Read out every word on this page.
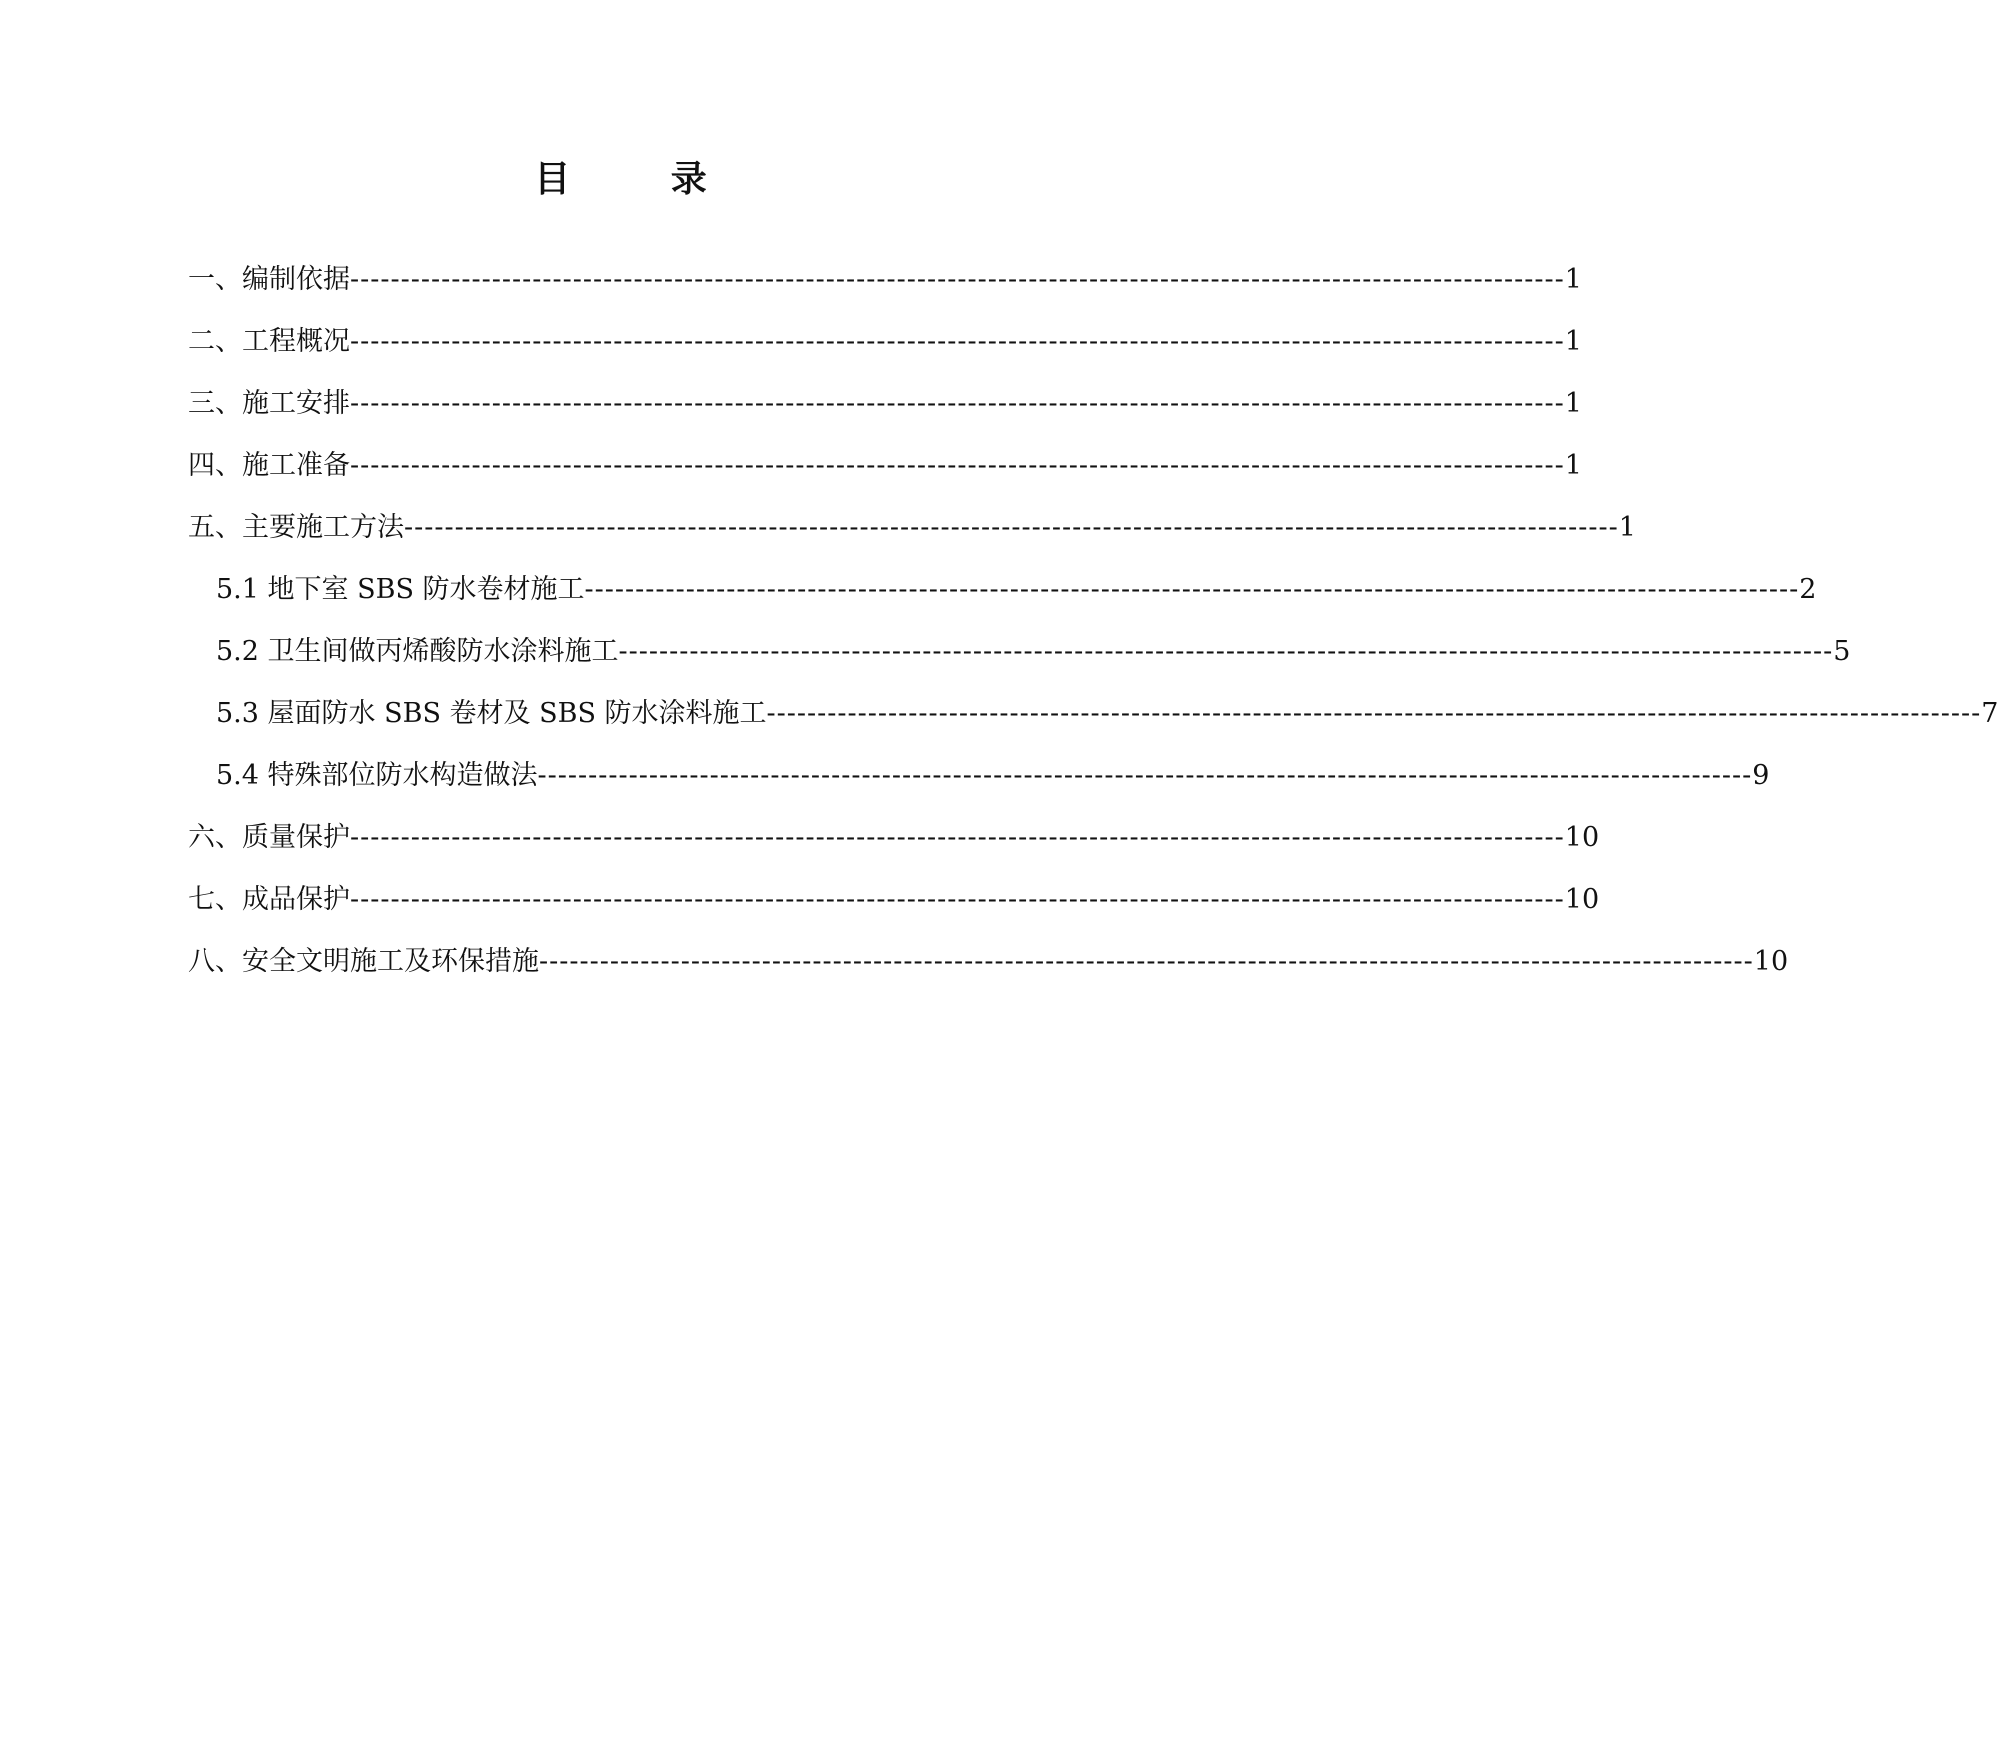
目 录
一、编制依据 ------------------------------------------------------------------------------------------------------------------------ 1
二、工程概况 ------------------------------------------------------------------------------------------------------------------------ 1
三、施工安排 ------------------------------------------------------------------------------------------------------------------------ 1
四、施工准备 ------------------------------------------------------------------------------------------------------------------------ 1
五、主要施工方法 ------------------------------------------------------------------------------------------------------------------------ 1
5.1 地下室 SBS 防水卷材施工 ------------------------------------------------------------------------------------------------------------------------ 2
5.2 卫生间做丙烯酸防水涂料施工 ------------------------------------------------------------------------------------------------------------------------ 5
5.3 屋面防水 SBS 卷材及 SBS 防水涂料施工 ------------------------------------------------------------------------------------------------------------------------ 7
5.4 特殊部位防水构造做法 ------------------------------------------------------------------------------------------------------------------------ 9
六、质量保护 ------------------------------------------------------------------------------------------------------------------------ 10
七、成品保护 ------------------------------------------------------------------------------------------------------------------------ 10
八、安全文明施工及环保措施 ------------------------------------------------------------------------------------------------------------------------ 10
